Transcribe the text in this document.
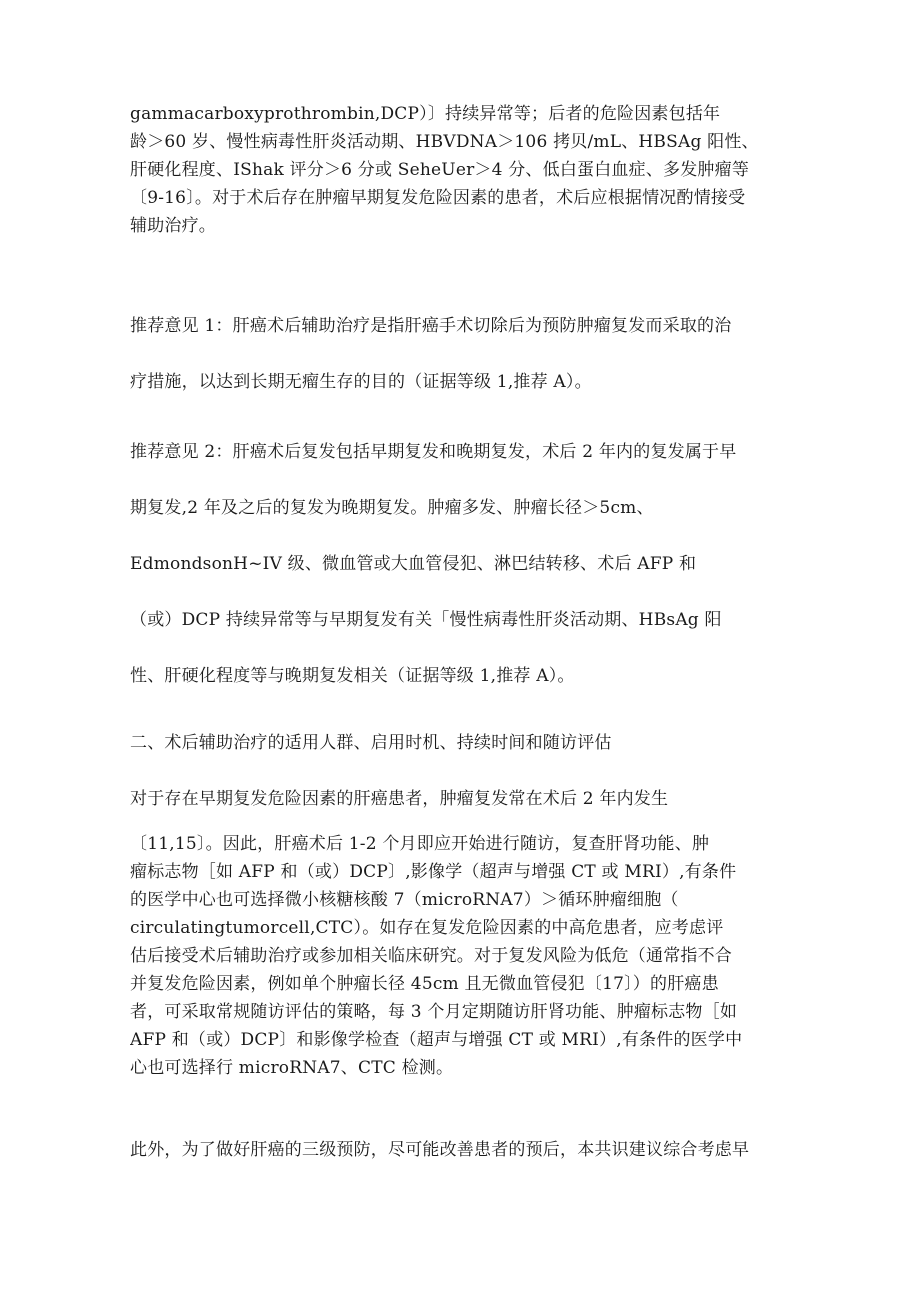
gammacarboxyprothrombin,DCP）〕持续异常等；后者的危险因素包括年
龄＞60 岁、慢性病毒性肝炎活动期、HBVDNA＞106 拷贝/mL、HBSAg 阳性、
肝硬化程度、IShak 评分＞6 分或 SeheUer＞4 分、低白蛋白血症、多发肿瘤等
〔9-16〕。对于术后存在肿瘤早期复发危险因素的患者，术后应根据情况酌情接受
辅助治疗。
推荐意见 1：肝癌术后辅助治疗是指肝癌手术切除后为预防肿瘤复发而采取的治
疗措施，以达到长期无瘤生存的目的（证据等级 1,推荐 A）。
推荐意见 2：肝癌术后复发包括早期复发和晚期复发，术后 2 年内的复发属于早
期复发,2 年及之后的复发为晚期复发。肿瘤多发、肿瘤长径＞5cm、
EdmondsonH~IV 级、微血管或大血管侵犯、淋巴结转移、术后 AFP 和
（或）DCP 持续异常等与早期复发有关「慢性病毒性肝炎活动期、HBsAg 阳
性、肝硬化程度等与晚期复发相关（证据等级 1,推荐 A）。
二、术后辅助治疗的适用人群、启用时机、持续时间和随访评估
对于存在早期复发危险因素的肝癌患者，肿瘤复发常在术后 2 年内发生
〔11,15〕。因此，肝癌术后 1-2 个月即应开始进行随访，复查肝肾功能、肿
瘤标志物［如 AFP 和（或）DCP〕,影像学（超声与增强 CT 或 MRI）,有条件
的医学中心也可选择微小核糖核酸 7（microRNA7）＞循环肿瘤细胞（
circulatingtumorcell,CTC）。如存在复发危险因素的中高危患者，应考虑评
估后接受术后辅助治疗或参加相关临床研究。对于复发风险为低危（通常指不合
并复发危险因素，例如单个肿瘤长径 45cm 且无微血管侵犯〔17〕）的肝癌患
者，可采取常规随访评估的策略，每 3 个月定期随访肝肾功能、肿瘤标志物［如
AFP 和（或）DCP〕和影像学检查（超声与增强 CT 或 MRI）,有条件的医学中
心也可选择行 microRNA7、CTC 检测。
此外，为了做好肝癌的三级预防，尽可能改善患者的预后，本共识建议综合考虑早
